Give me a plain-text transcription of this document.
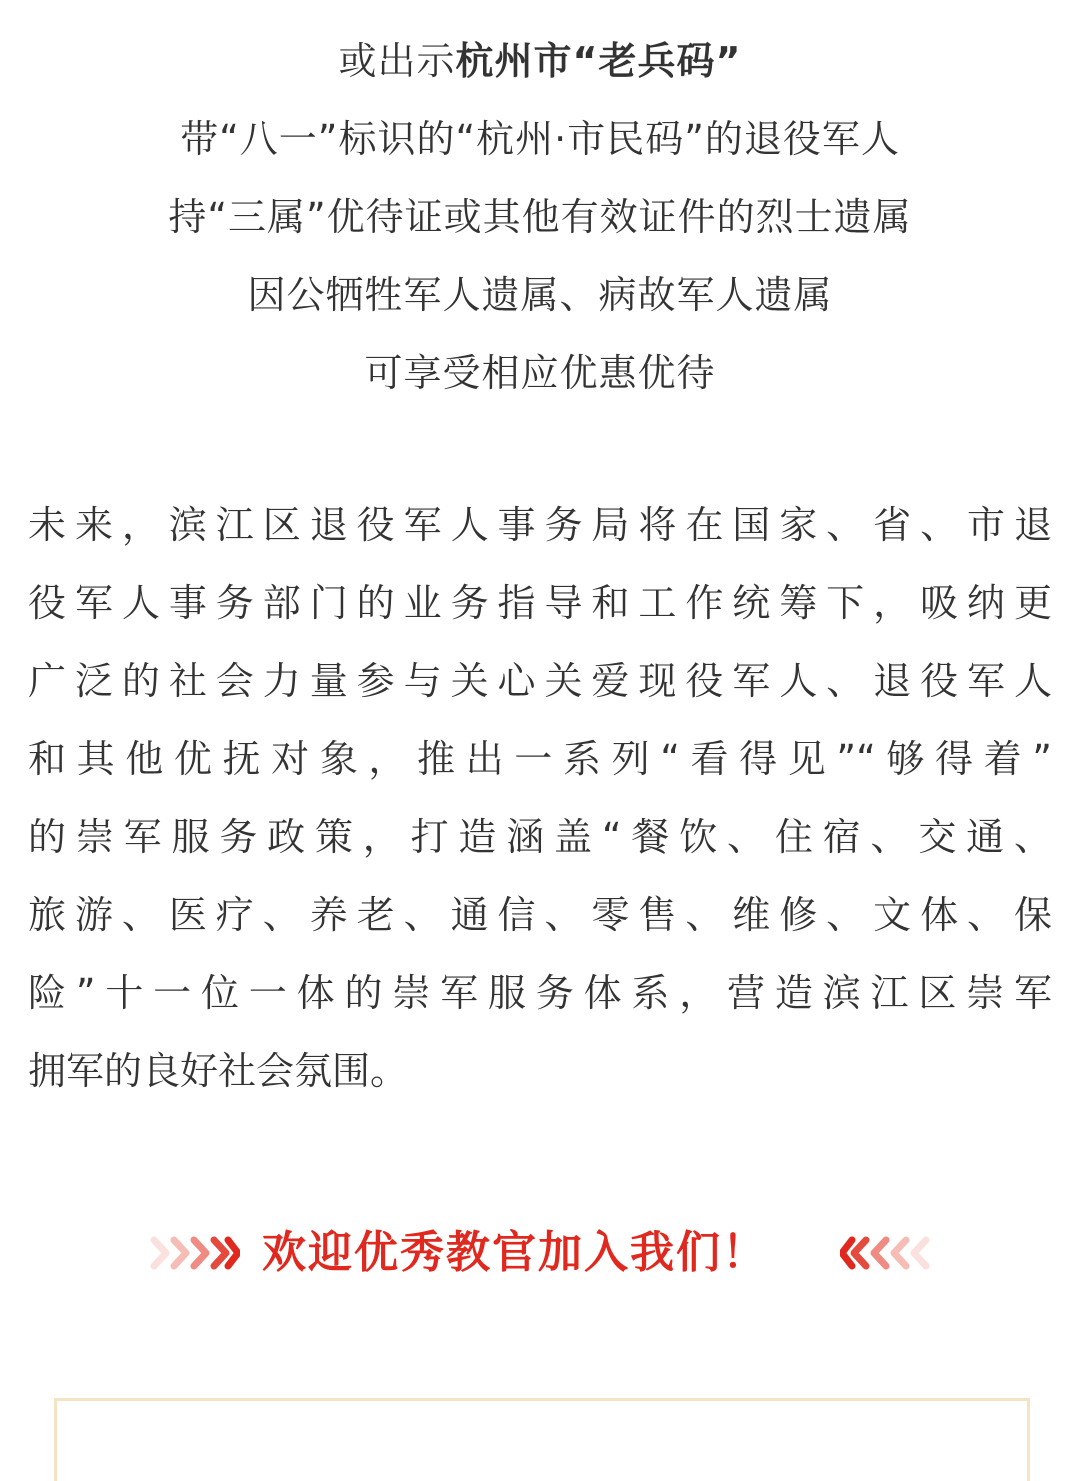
或出示杭州市“老兵码”
带“八一”标识的“杭州·市民码”的退役军人
持“三属”优待证或其他有效证件的烈士遗属
因公牺牲军人遗属、病故军人遗属
可享受相应优惠优待
未来，滨江区退役军人事务局将在国家、省、市退
役军人事务部门的业务指导和工作统筹下，吸纳更
广泛的社会力量参与关心关爱现役军人、退役军人
和其他优抚对象，推出一系列“看得见”“够得着”
的崇军服务政策，打造涵盖“餐饮、住宿、交通、
旅游、医疗、养老、通信、零售、维修、文体、保
险”十一位一体的崇军服务体系，营造滨江区崇军
拥军的良好社会氛围。
欢迎优秀教官加入我们！
